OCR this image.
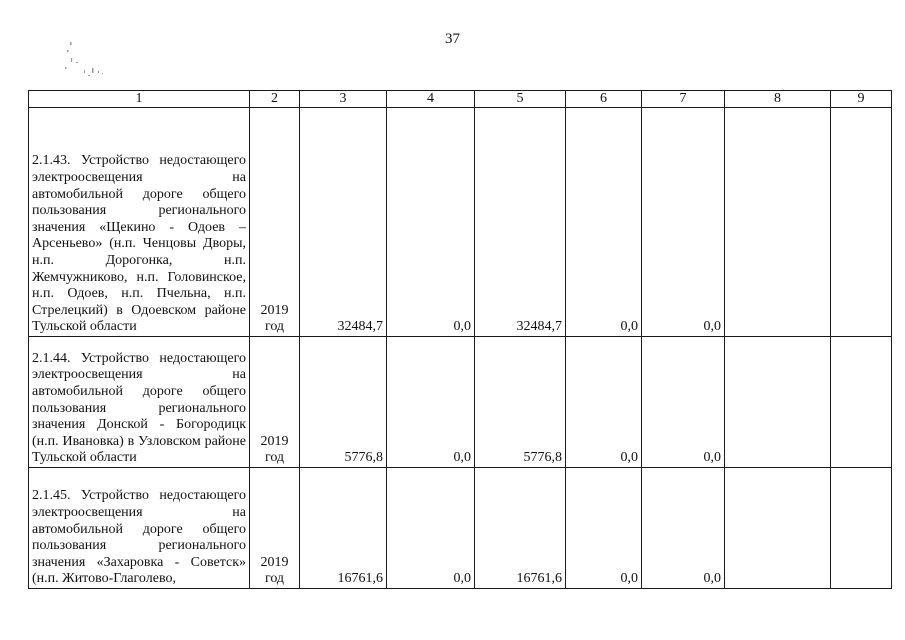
37
1	2	3	4	5	6	7	8	9
2.1.43. Устройство недостающего электроосвещения на автомобильной дороге общего пользования регионального значения «Щекино - Одоев – Арсеньево» (н.п. Ченцовы Дворы, н.п. Дорогонка, н.п. Жемчужниково, н.п. Головинское, н.п. Одоев, н.п. Пчельна, н.п. Стрелецкий) в Одоевском районе Тульской области	2019 год	32484,7	0,0	32484,7	0,0	0,0		
2.1.44. Устройство недостающего электроосвещения на автомобильной дороге общего пользования регионального значения Донской - Богородицк (н.п. Ивановка) в Узловском районе Тульской области	2019 год	5776,8	0,0	5776,8	0,0	0,0		
2.1.45. Устройство недостающего электроосвещения на автомобильной дороге общего пользования регионального значения «Захаровка - Советск» (н.п. Житово-Глаголево,	2019 год	16761,6	0,0	16761,6	0,0	0,0		
